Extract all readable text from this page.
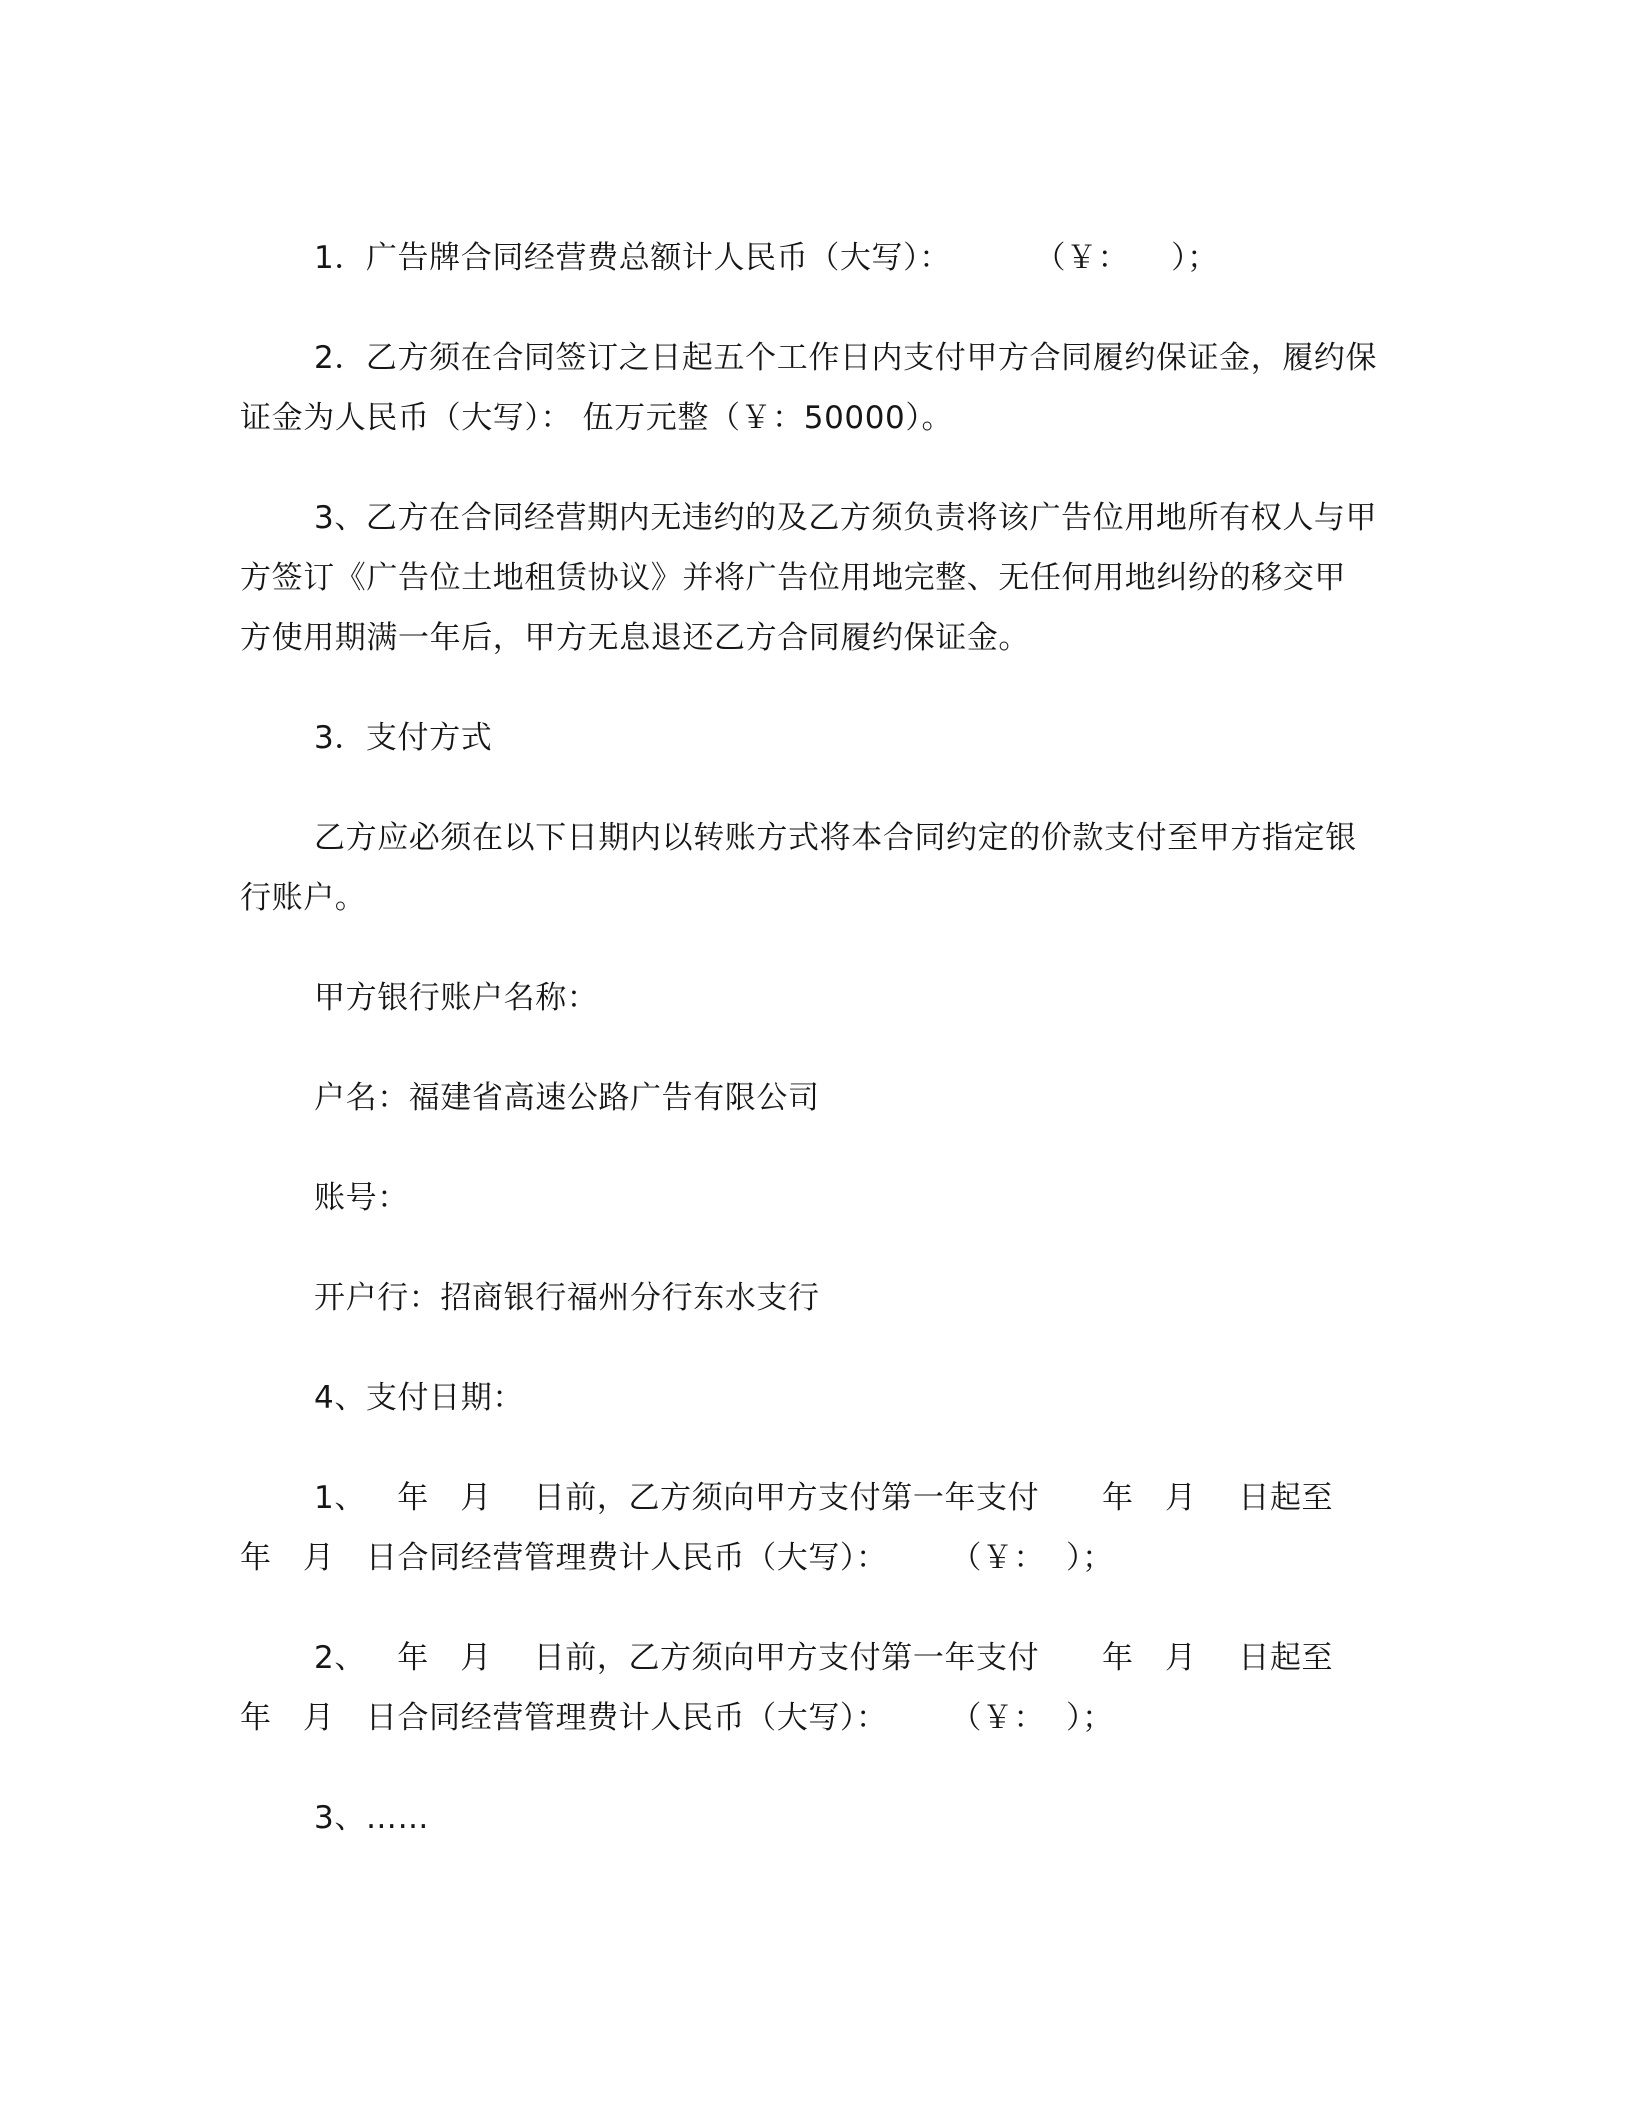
1．广告牌合同经营费总额计人民币（大写）：        （￥：    ）；

2．乙方须在合同签订之日起五个工作日内支付甲方合同履约保证金，履约保

证金为人民币（大写）： 伍万元整（￥：50000）。

3、乙方在合同经营期内无违约的及乙方须负责将该广告位用地所有权人与甲

方签订《广告位土地租赁协议》并将广告位用地完整、无任何用地纠纷的移交甲

方使用期满一年后，甲方无息退还乙方合同履约保证金。

3．支付方式

乙方应必须在以下日期内以转账方式将本合同约定的价款支付至甲方指定银

行账户。

甲方银行账户名称：

户名：福建省高速公路广告有限公司

账号：

开户行：招商银行福州分行东水支行

4、支付日期：

1、   年   月    日前，乙方须向甲方支付第一年支付      年   月    日起至

年   月   日合同经营管理费计人民币（大写）：      （￥：  ）；

2、   年   月    日前，乙方须向甲方支付第一年支付      年   月    日起至

年   月   日合同经营管理费计人民币（大写）：      （￥：  ）；

3、……
